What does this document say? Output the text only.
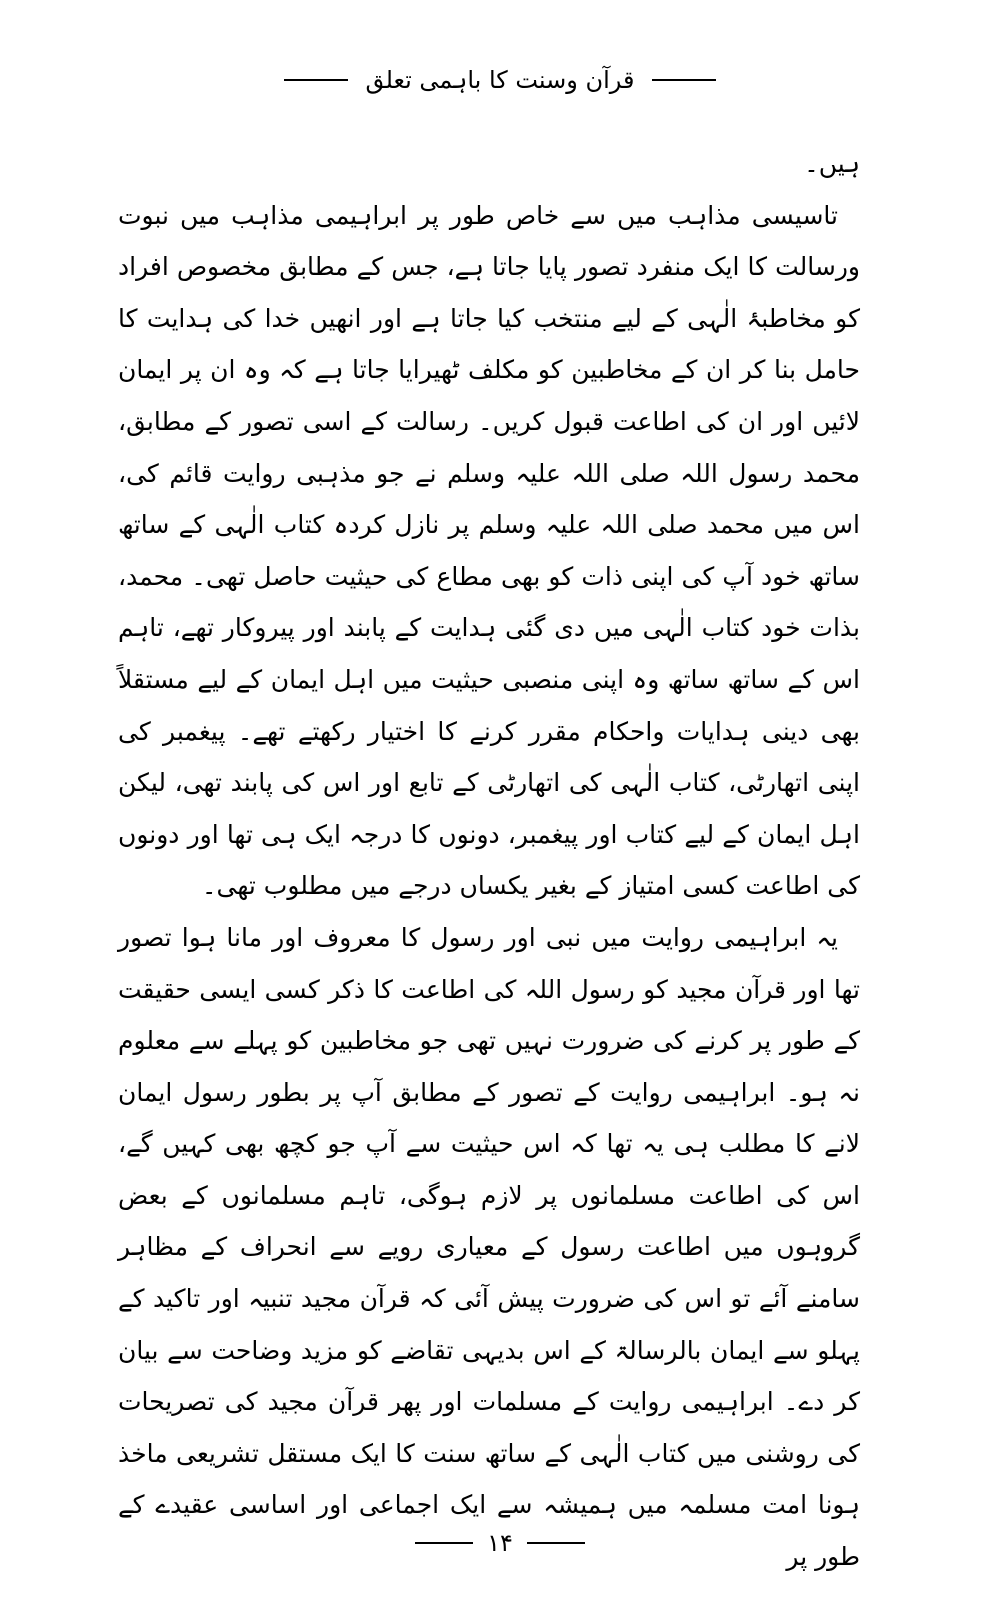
قرآن وسنت کا باہمی تعلق

ہیں۔

تاسیسی مذاہب میں سے خاص طور پر ابراہیمی مذاہب میں نبوت ورسالت کا ایک منفرد تصور پایا جاتا ہے، جس کے مطابق مخصوص افراد کو مخاطبۂ الٰہی کے لیے منتخب کیا جاتا ہے اور انھیں خدا کی ہدایت کا حامل بنا کر ان کے مخاطبین کو مکلف ٹھیرایا جاتا ہے کہ وہ ان پر ایمان لائیں اور ان کی اطاعت قبول کریں۔ رسالت کے اسی تصور کے مطابق، محمد رسول اللہ صلی اللہ علیہ وسلم نے جو مذہبی روایت قائم کی، اس میں محمد صلی اللہ علیہ وسلم پر نازل کردہ کتاب الٰہی کے ساتھ ساتھ خود آپ کی اپنی ذات کو بھی مطاع کی حیثیت حاصل تھی۔ محمد، بذات خود کتاب الٰہی میں دی گئی ہدایت کے پابند اور پیروکار تھے، تاہم اس کے ساتھ ساتھ وہ اپنی منصبی حیثیت میں اہل ایمان کے لیے مستقلاً بھی دینی ہدایات واحکام مقرر کرنے کا اختیار رکھتے تھے۔ پیغمبر کی اپنی اتھارٹی، کتاب الٰہی کی اتھارٹی کے تابع اور اس کی پابند تھی، لیکن اہل ایمان کے لیے کتاب اور پیغمبر، دونوں کا درجہ ایک ہی تھا اور دونوں کی اطاعت کسی امتیاز کے بغیر یکساں درجے میں مطلوب تھی۔

یہ ابراہیمی روایت میں نبی اور رسول کا معروف اور مانا ہوا تصور تھا اور قرآن مجید کو رسول اللہ کی اطاعت کا ذکر کسی ایسی حقیقت کے طور پر کرنے کی ضرورت نہیں تھی جو مخاطبین کو پہلے سے معلوم نہ ہو۔ ابراہیمی روایت کے تصور کے مطابق آپ پر بطور رسول ایمان لانے کا مطلب ہی یہ تھا کہ اس حیثیت سے آپ جو کچھ بھی کہیں گے، اس کی اطاعت مسلمانوں پر لازم ہوگی، تاہم مسلمانوں کے بعض گروہوں میں اطاعت رسول کے معیاری رویے سے انحراف کے مظاہر سامنے آئے تو اس کی ضرورت پیش آئی کہ قرآن مجید تنبیہ اور تاکید کے پہلو سے ایمان بالرسالۃ کے اس بدیہی تقاضے کو مزید وضاحت سے بیان کر دے۔ ابراہیمی روایت کے مسلمات اور پھر قرآن مجید کی تصریحات کی روشنی میں کتاب الٰہی کے ساتھ سنت کا ایک مستقل تشریعی ماخذ ہونا امت مسلمہ میں ہمیشہ سے ایک اجماعی اور اساسی عقیدے کے طور پر

۱۴
